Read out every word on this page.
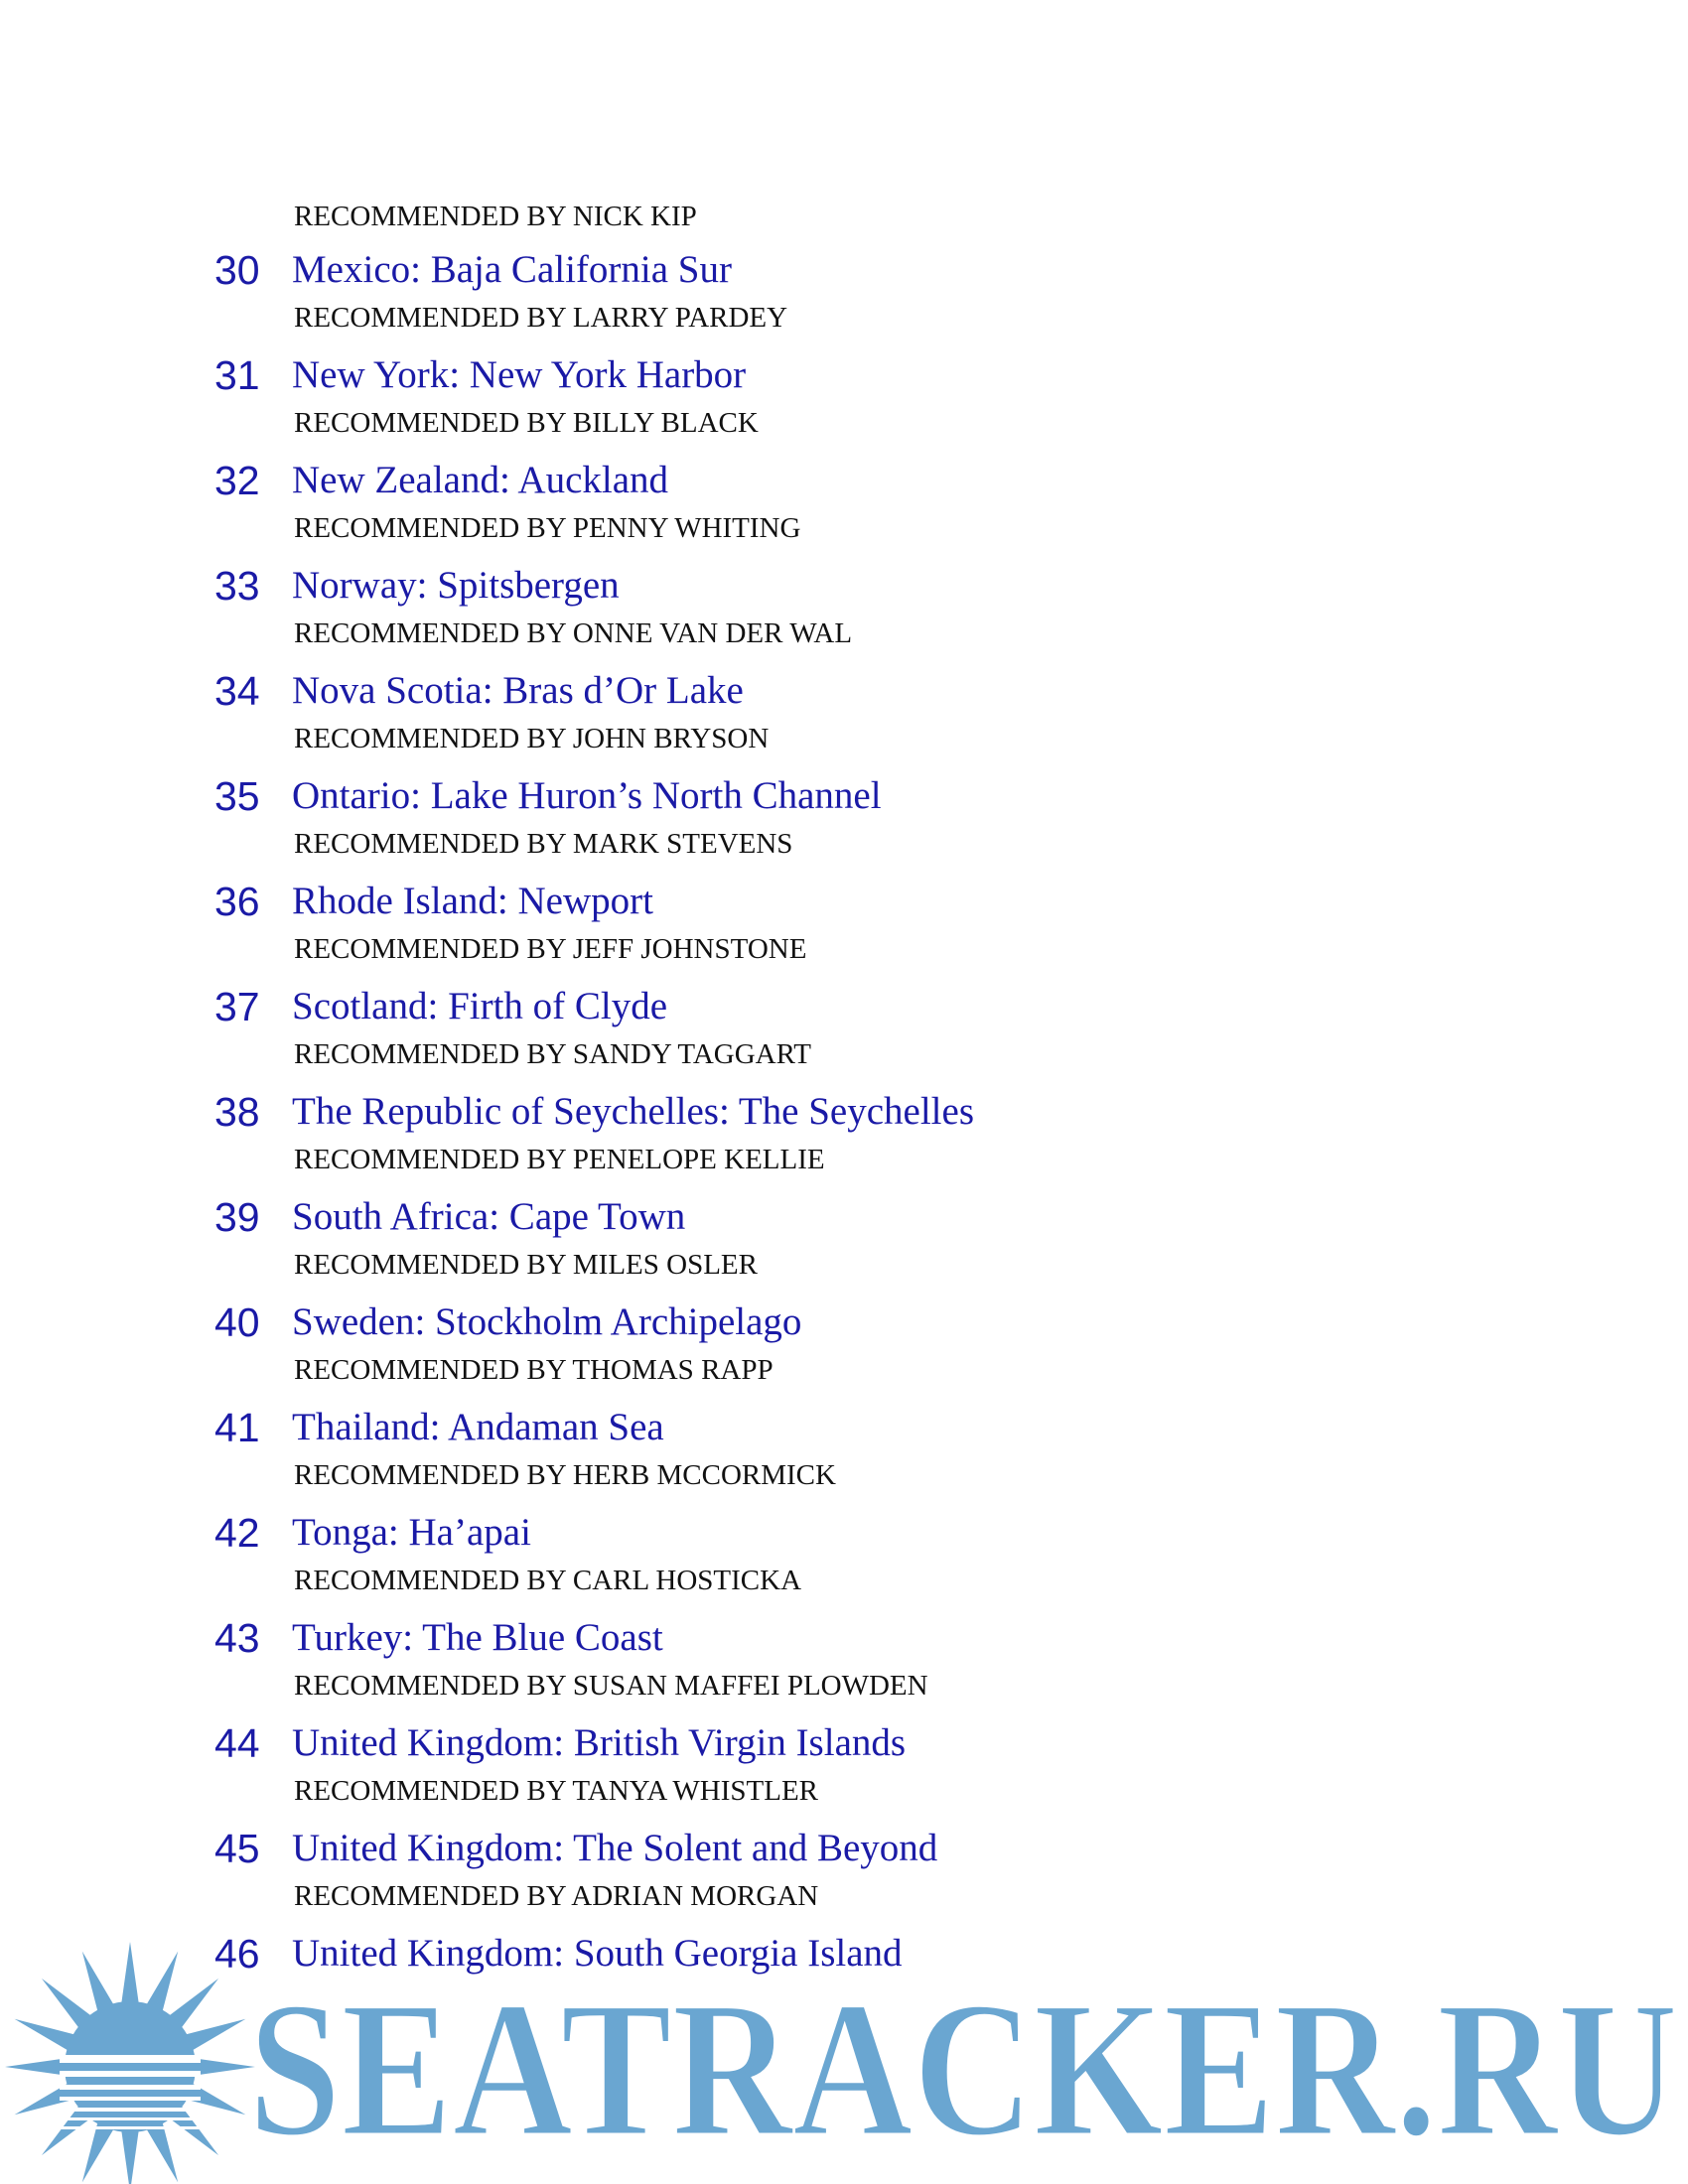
RECOMMENDED BY NICK KIP
30 Mexico: Baja California Sur
RECOMMENDED BY LARRY PARDEY
31 New York: New York Harbor
RECOMMENDED BY BILLY BLACK
32 New Zealand: Auckland
RECOMMENDED BY PENNY WHITING
33 Norway: Spitsbergen
RECOMMENDED BY ONNE VAN DER WAL
34 Nova Scotia: Bras d’Or Lake
RECOMMENDED BY JOHN BRYSON
35 Ontario: Lake Huron’s North Channel
RECOMMENDED BY MARK STEVENS
36 Rhode Island: Newport
RECOMMENDED BY JEFF JOHNSTONE
37 Scotland: Firth of Clyde
RECOMMENDED BY SANDY TAGGART
38 The Republic of Seychelles: The Seychelles
RECOMMENDED BY PENELOPE KELLIE
39 South Africa: Cape Town
RECOMMENDED BY MILES OSLER
40 Sweden: Stockholm Archipelago
RECOMMENDED BY THOMAS RAPP
41 Thailand: Andaman Sea
RECOMMENDED BY HERB MCCORMICK
42 Tonga: Ha’apai
RECOMMENDED BY CARL HOSTICKA
43 Turkey: The Blue Coast
RECOMMENDED BY SUSAN MAFFEI PLOWDEN
44 United Kingdom: British Virgin Islands
RECOMMENDED BY TANYA WHISTLER
45 United Kingdom: The Solent and Beyond
RECOMMENDED BY ADRIAN MORGAN
46 United Kingdom: South Georgia Island
SEATRACKER.RU
